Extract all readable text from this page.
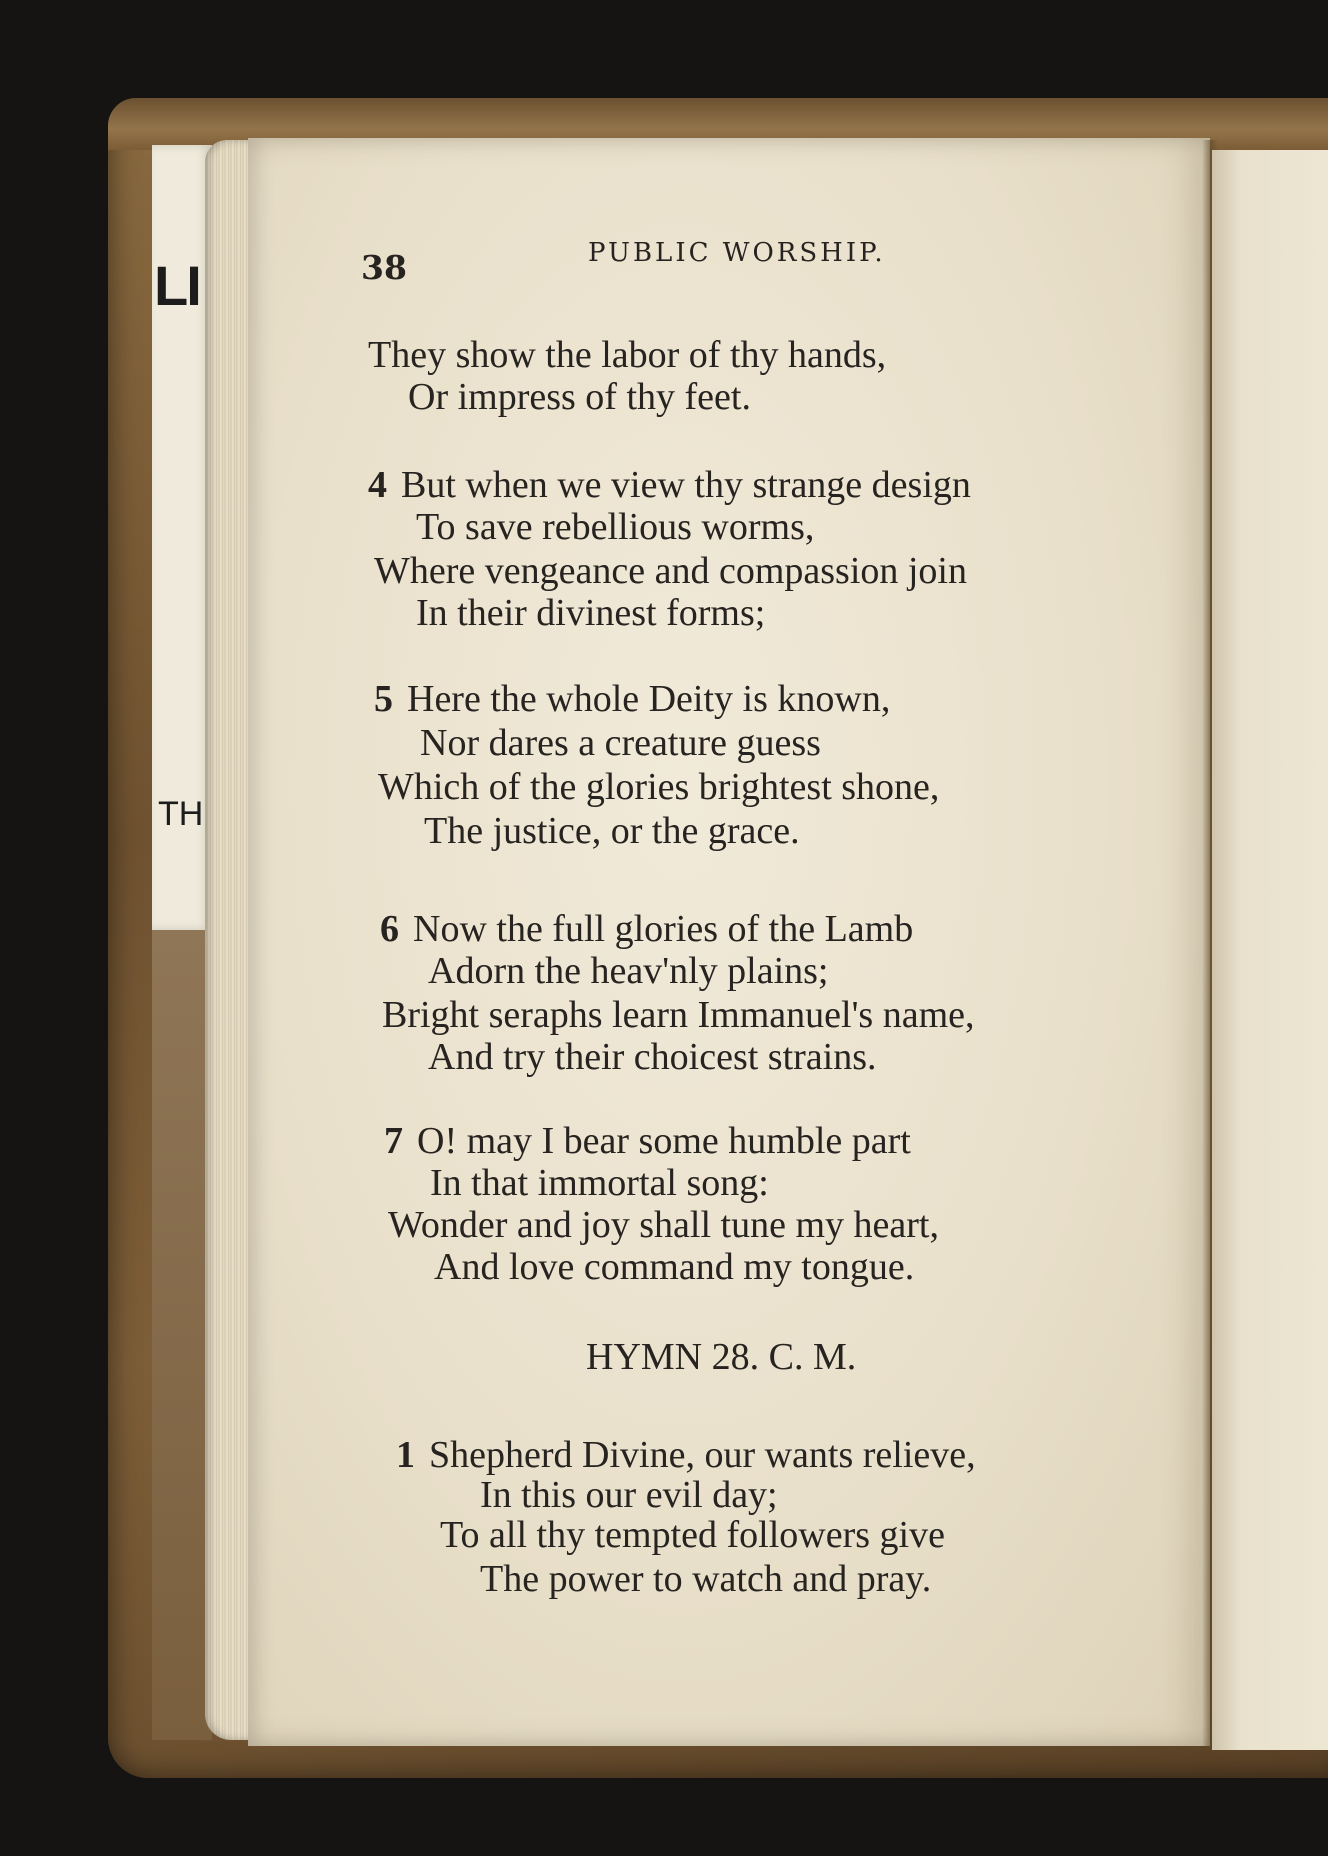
LI
TH
38	PUBLIC WORSHIP.
They show the labor of thy hands,
Or impress of thy feet.
4 But when we view thy strange design
To save rebellious worms,
Where vengeance and compassion join
In their divinest forms;
5 Here the whole Deity is known,
Nor dares a creature guess
Which of the glories brightest shone,
The justice, or the grace.
6 Now the full glories of the Lamb
Adorn the heav'nly plains;
Bright seraphs learn Immanuel's name,
And try their choicest strains.
7 O! may I bear some humble part
In that immortal song:
Wonder and joy shall tune my heart,
And love command my tongue.
HYMN 28. C. M.
1 Shepherd Divine, our wants relieve,
In this our evil day;
To all thy tempted followers give
The power to watch and pray.
